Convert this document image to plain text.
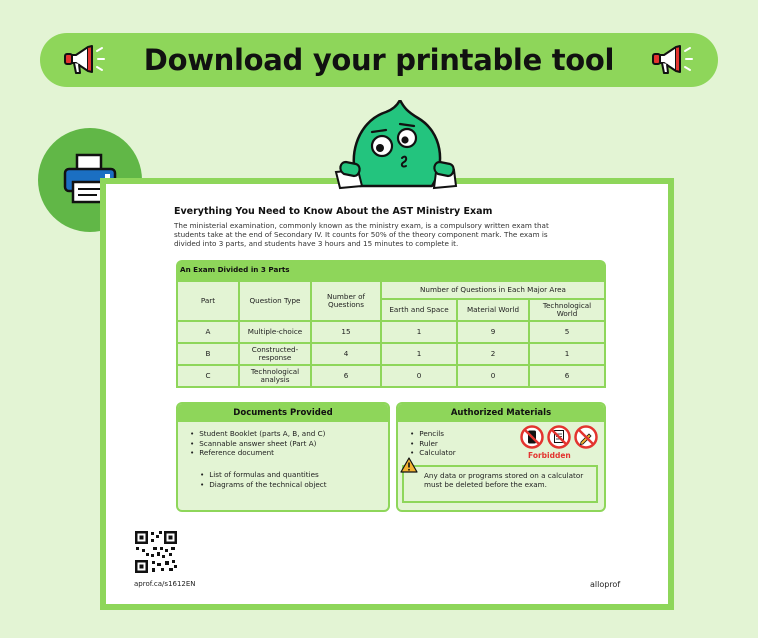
Download your printable tool
Everything You Need to Know About the AST Ministry Exam
The ministerial examination, commonly known as the ministry exam, is a compulsory written exam that
students take at the end of Secondary IV. It counts for 50% of the theory component mark. The exam is
divided into 3 parts, and students have 3 hours and 15 minutes to complete it.
An Exam Divided in 3 Parts
Part	Question Type	Number of Questions	Number of Questions in Each Major Area		
			Earth and Space	Material World	Technological World
A	Multiple-choice	15	1	9	5
B	Constructed-response	4	1	2	1
C	Technological analysis	6	0	0	6
Documents Provided
• Student Booklet (parts A, B, and C)
• Scannable answer sheet (Part A)
• Reference document
• List of formulas and quantities
• Diagrams of the technical object
Authorized Materials
• Pencils
• Ruler
• Calculator	Forbidden
Any data or programs stored on a calculator must be deleted before the exam.
aprof.ca/s1612EN	alloprof
